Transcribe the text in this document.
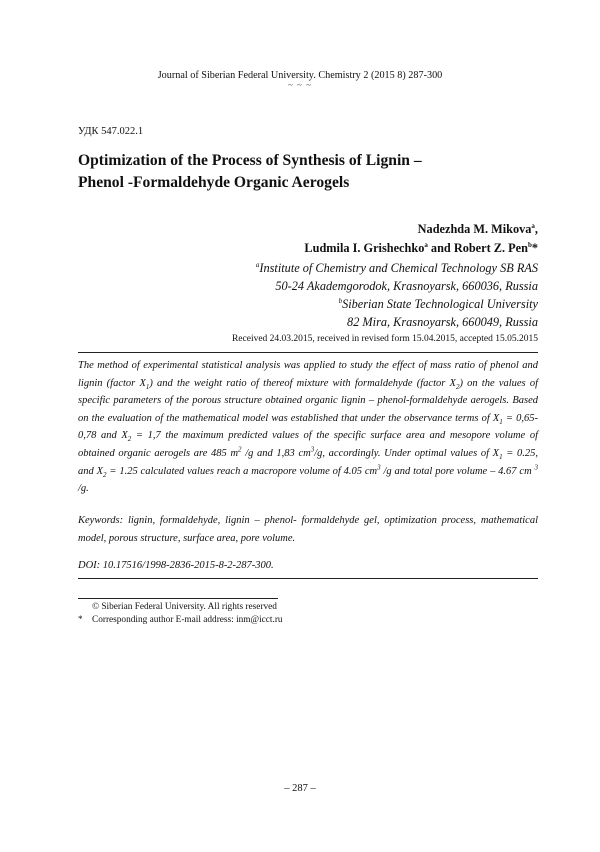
Journal of Siberian Federal University. Chemistry 2 (2015 8) 287-300
~ ~ ~
УДК 547.022.1
Optimization of the Process of Synthesis of Lignin –
Phenol -Formaldehyde Organic Aerogels
Nadezhda M. Mikova$^a$,
Ludmila I. Grishechko$^a$ and Robert Z. Pen$^b$*
$^a$Institute of Chemistry and Chemical Technology SB RAS
50-24 Akademgorodok, Krasnoyarsk, 660036, Russia
$^b$Siberian State Technological University
82 Mira, Krasnoyarsk, 660049, Russia
Received 24.03.2015, received in revised form 15.04.2015, accepted 15.05.2015
The method of experimental statistical analysis was applied to study the effect of mass ratio of phenol and lignin (factor $X_1$) and the weight ratio of thereof mixture with formaldehyde (factor $X_2$) on the values of specific parameters of the porous structure obtained organic lignin – phenol-formaldehyde aerogels. Based on the evaluation of the mathematical model was established that under the observance terms of $X_1 = 0,65-0,78$ and $X_2 = 1,7$ the maximum predicted values of the specific surface area and mesopore volume of obtained organic aerogels are 485 $m^2$ /g and 1,83 $cm^3/g$, accordingly. Under optimal values of $X_1 = 0.25$, and $X_2 = 1.25$ calculated values reach a macropore volume of 4.05 $cm^3$ /g and total pore volume – 4.67 cm $^3$ /g.
Keywords: lignin, formaldehyde, lignin – phenol- formaldehyde gel, optimization process, mathematical model, porous structure, surface area, pore volume.
DOI: 10.17516/1998-2836-2015-8-2-287-300.
© Siberian Federal University. All rights reserved
* Corresponding author E-mail address: inm@icct.ru
– 287 –
